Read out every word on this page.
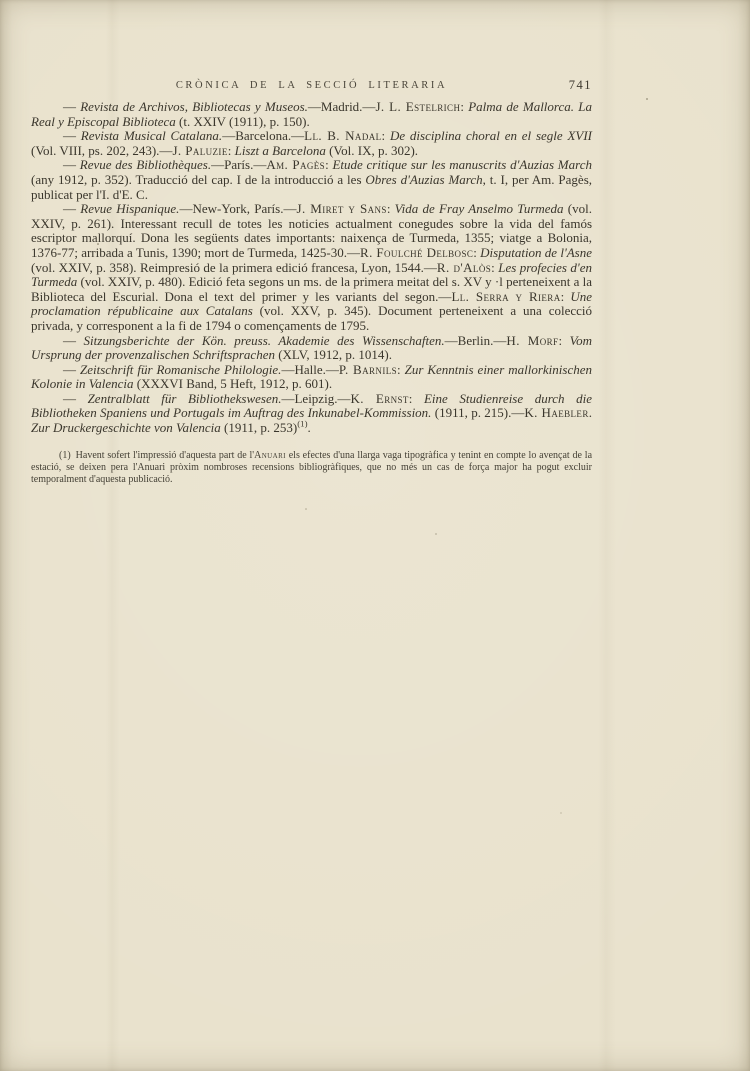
CRÒNICA DE LA SECCIÓ LITERARIA	741

— Revista de Archivos, Bibliotecas y Museos.—Madrid.—J. L. Estelrich: Palma de Mallorca. La Real y Episcopal Biblioteca (t. XXIV (1911), p. 150).

— Revista Musical Catalana.—Barcelona.—Ll. B. Nadal: De disciplina choral en el segle XVII (Vol. VIII, ps. 202, 243).—J. Paluzie: Liszt a Barcelona (Vol. IX, p. 302).

— Revue des Bibliothèques.—París.—Am. Pagès: Etude critique sur les manuscrits d'Auzias March (any 1912, p. 352). Traducció del cap. I de la introducció a les Obres d'Auzias March, t. I, per Am. Pagès, publicat per l'I. d'E. C.

— Revue Hispanique.—New-York, París.—J. Miret y Sans: Vida de Fray Anselmo Turmeda (vol. XXIV, p. 261). Interessant recull de totes les noticies actualment conegudes sobre la vida del famós escriptor mallorquí. Dona les següents dates importants: naixença de Turmeda, 1355; viatge a Bolonia, 1376-77; arribada a Tunis, 1390; mort de Turmeda, 1425-30.—R. Foulché Delbosc: Disputation de l'Asne (vol. XXIV, p. 358). Reimpresió de la primera edició francesa, Lyon, 1544.—R. d'Alòs: Les profecies d'en Turmeda (vol. XXIV, p. 480). Edició feta segons un ms. de la primera meitat del s. XV y ·l perteneixent a la Biblioteca del Escurial. Dona el text del primer y les variants del segon.—Ll. Serra y Riera: Une proclamation républicaine aux Catalans (vol. XXV, p. 345). Document perteneixent a una colecció privada, y corresponent a la fi de 1794 o començaments de 1795.

— Sitzungsberichte der Kön. preuss. Akademie des Wissenschaften.—Berlin.—H. Morf: Vom Ursprung der provenzalischen Schriftsprachen (XLV, 1912, p. 1014).

— Zeitschrift für Romanische Philologie.—Halle.—P. Barnils: Zur Kenntnis einer mallorkinischen Kolonie in Valencia (XXXVI Band, 5 Heft, 1912, p. 601).

— Zentralblatt für Bibliothekswesen.—Leipzig.—K. Ernst: Eine Studienreise durch die Bibliotheken Spaniens und Portugals im Auftrag des Inkunabel-Kommission. (1911, p. 215).—K. Haebler. Zur Druckergeschichte von Valencia (1911, p. 253)$^{(1)}$.

(1) Havent sofert l'impressió d'aquesta part de l'Anuari els efectes d'una llarga vaga tipogràfica y tenint en compte lo avençat de la estació, se deixen pera l'Anuari pròxim nombroses recensions bibliogràfiques, que no més un cas de força major ha pogut excluir temporalment d'aquesta publicació.
